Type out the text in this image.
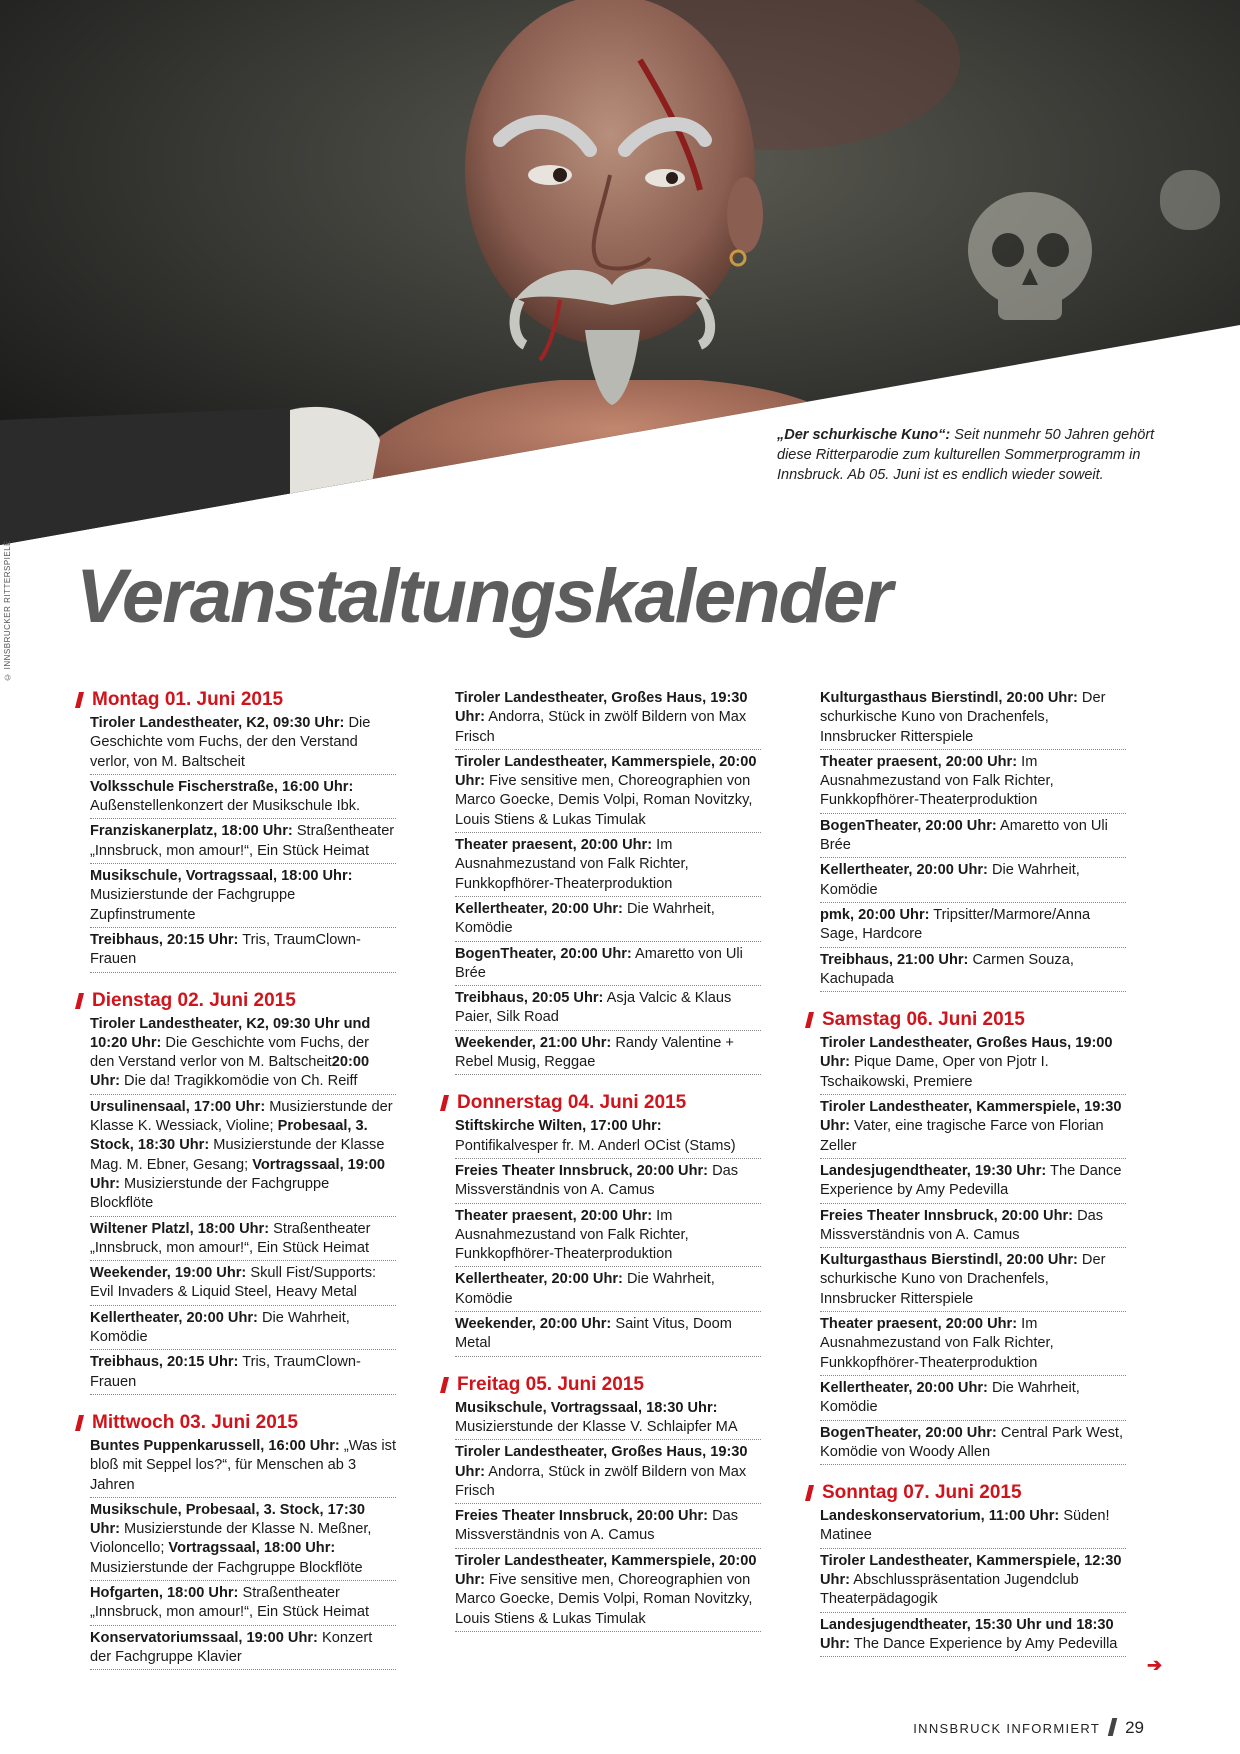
© INNSBRUCKER RITTERSPIELE
„Der schurkische Kuno“: Seit nunmehr 50 Jahren gehört diese Ritterparodie zum kulturellen Sommerprogramm in Innsbruck. Ab 05. Juni ist es endlich wieder soweit.
Veranstaltungskalender
Montag 01. Juni 2015
Tiroler Landestheater, K2, 09:30 Uhr: Die Geschichte vom Fuchs, der den Verstand verlor, von M. Baltscheit
Volksschule Fischerstraße, 16:00 Uhr: Außenstellenkonzert der Musikschule Ibk.
Franziskanerplatz, 18:00 Uhr: Straßentheater „Innsbruck, mon amour!“, Ein Stück Heimat
Musikschule, Vortragssaal, 18:00 Uhr: Musizierstunde der Fachgruppe Zupfinstrumente
Treibhaus, 20:15 Uhr: Tris, TraumClown-Frauen
Dienstag 02. Juni 2015
Tiroler Landestheater, K2, 09:30 Uhr und 10:20 Uhr: Die Geschichte vom Fuchs, der den Verstand verlor von M. Baltscheit20:00 Uhr: Die da! Tragikkomödie von Ch. Reiff
Ursulinensaal, 17:00 Uhr: Musizierstunde der Klasse K. Wessiack, Violine; Probesaal, 3. Stock, 18:30 Uhr: Musizierstunde der Klasse Mag. M. Ebner, Gesang; Vortragssaal, 19:00 Uhr: Musizierstunde der Fachgruppe Blockflöte
Wiltener Platzl, 18:00 Uhr: Straßentheater „Innsbruck, mon amour!“, Ein Stück Heimat
Weekender, 19:00 Uhr: Skull Fist/Supports: Evil Invaders & Liquid Steel, Heavy Metal
Kellertheater, 20:00 Uhr: Die Wahrheit, Komödie
Treibhaus, 20:15 Uhr: Tris, TraumClown-Frauen
Mittwoch 03. Juni 2015
Buntes Puppenkarussell, 16:00 Uhr: „Was ist bloß mit Seppel los?“, für Menschen ab 3 Jahren
Musikschule, Probesaal, 3. Stock, 17:30 Uhr: Musizierstunde der Klasse N. Meßner, Violoncello; Vortragssaal, 18:00 Uhr: Musizierstunde der Fachgruppe Blockflöte
Hofgarten, 18:00 Uhr: Straßentheater „Innsbruck, mon amour!“, Ein Stück Heimat
Konservatoriumssaal, 19:00 Uhr: Konzert der Fachgruppe Klavier
Tiroler Landestheater, Großes Haus, 19:30 Uhr: Andorra, Stück in zwölf Bildern von Max Frisch
Tiroler Landestheater, Kammerspiele, 20:00 Uhr: Five sensitive men, Choreographien von Marco Goecke, Demis Volpi, Roman Novitzky, Louis Stiens & Lukas Timulak
Theater praesent, 20:00 Uhr: Im Ausnahmezustand von Falk Richter, Funkkopfhörer-Theaterproduktion
Kellertheater, 20:00 Uhr: Die Wahrheit, Komödie
BogenTheater, 20:00 Uhr: Amaretto von Uli Brée
Treibhaus, 20:05 Uhr: Asja Valcic & Klaus Paier, Silk Road
Weekender, 21:00 Uhr: Randy Valentine + Rebel Musig, Reggae
Donnerstag 04. Juni 2015
Stiftskirche Wilten, 17:00 Uhr: Pontifikalvesper fr. M. Anderl OCist (Stams)
Freies Theater Innsbruck, 20:00 Uhr: Das Missverständnis von A. Camus
Theater praesent, 20:00 Uhr: Im Ausnahmezustand von Falk Richter, Funkkopfhörer-Theaterproduktion
Kellertheater, 20:00 Uhr: Die Wahrheit, Komödie
Weekender, 20:00 Uhr: Saint Vitus, Doom Metal
Freitag 05. Juni 2015
Musikschule, Vortragssaal, 18:30 Uhr: Musizierstunde der Klasse V. Schlaipfer MA
Tiroler Landestheater, Großes Haus, 19:30 Uhr: Andorra, Stück in zwölf Bildern von Max Frisch
Freies Theater Innsbruck, 20:00 Uhr: Das Missverständnis von A. Camus
Tiroler Landestheater, Kammerspiele, 20:00 Uhr: Five sensitive men, Choreographien von Marco Goecke, Demis Volpi, Roman Novitzky, Louis Stiens & Lukas Timulak
Kulturgasthaus Bierstindl, 20:00 Uhr: Der schurkische Kuno von Drachenfels, Innsbrucker Ritterspiele
Theater praesent, 20:00 Uhr: Im Ausnahmezustand von Falk Richter, Funkkopfhörer-Theaterproduktion
BogenTheater, 20:00 Uhr: Amaretto von Uli Brée
Kellertheater, 20:00 Uhr: Die Wahrheit, Komödie
pmk, 20:00 Uhr: Tripsitter/Marmore/Anna Sage, Hardcore
Treibhaus, 21:00 Uhr: Carmen Souza, Kachupada
Samstag 06. Juni 2015
Tiroler Landestheater, Großes Haus, 19:00 Uhr: Pique Dame, Oper von Pjotr I. Tschaikowski, Premiere
Tiroler Landestheater, Kammerspiele, 19:30 Uhr: Vater, eine tragische Farce von Florian Zeller
Landesjugendtheater, 19:30 Uhr: The Dance Experience by Amy Pedevilla
Freies Theater Innsbruck, 20:00 Uhr: Das Missverständnis von A. Camus
Kulturgasthaus Bierstindl, 20:00 Uhr: Der schurkische Kuno von Drachenfels, Innsbrucker Ritterspiele
Theater praesent, 20:00 Uhr: Im Ausnahmezustand von Falk Richter, Funkkopfhörer-Theaterproduktion
Kellertheater, 20:00 Uhr: Die Wahrheit, Komödie
BogenTheater, 20:00 Uhr: Central Park West, Komödie von Woody Allen
Sonntag 07. Juni 2015
Landeskonservatorium, 11:00 Uhr: Süden! Matinee
Tiroler Landestheater, Kammerspiele, 12:30 Uhr: Abschlusspräsentation Jugendclub Theaterpädagogik
Landesjugendtheater, 15:30 Uhr und 18:30 Uhr: The Dance Experience by Amy Pedevilla
➔
INNSBRUCK INFORMIERT 29
